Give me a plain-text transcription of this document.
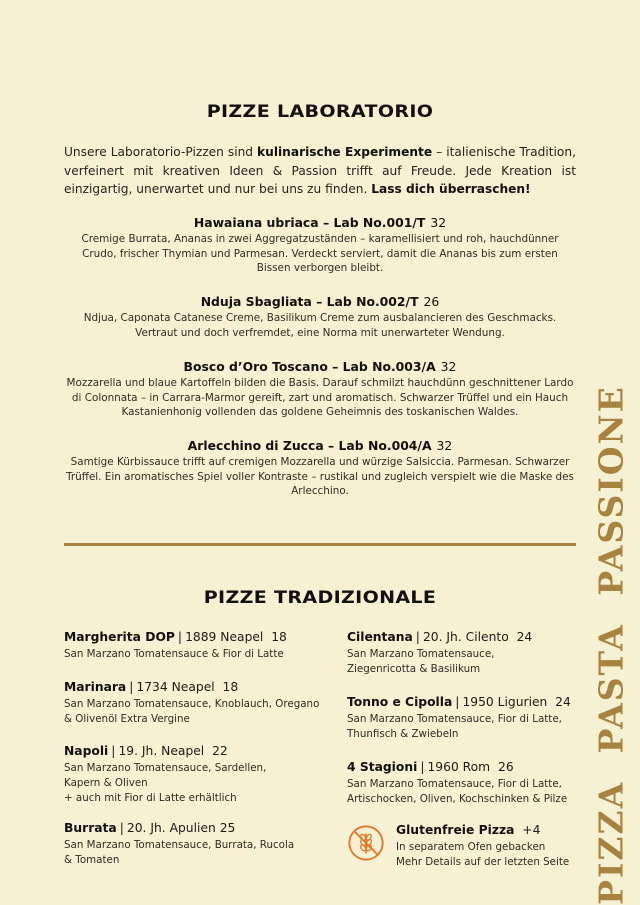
PIZZE LABORATORIO

Unsere Laboratorio-Pizzen sind kulinarische Experimente – italienische Tradition, verfeinert mit kreativen Ideen & Passion trifft auf Freude. Jede Kreation ist einzigartig, unerwartet und nur bei uns zu finden. Lass dich überraschen!

Hawaiana ubriaca – Lab No.001/T 32
Cremige Burrata, Ananas in zwei Aggregatzuständen – karamellisiert und roh, hauchdünner Crudo, frischer Thymian und Parmesan. Verdeckt serviert, damit die Ananas bis zum ersten Bissen verborgen bleibt.
Nduja Sbagliata – Lab No.002/T 26
Ndjua, Caponata Catanese Creme, Basilikum Creme zum ausbalancieren des Geschmacks. Vertraut und doch verfremdet, eine Norma mit unerwarteter Wendung.
Bosco d’Oro Toscano – Lab No.003/A 32
Mozzarella und blaue Kartoffeln bilden die Basis. Darauf schmilzt hauchdünn geschnittener Lardo di Colonnata – in Carrara-Marmor gereift, zart und aromatisch. Schwarzer Trüffel und ein Hauch Kastanienhonig vollenden das goldene Geheimnis des toskanischen Waldes.
Arlecchino di Zucca – Lab No.004/A 32
Samtige Kürbissauce trifft auf cremigen Mozzarella und würzige Salsiccia. Parmesan. Schwarzer Trüffel. Ein aromatisches Spiel voller Kontraste – rustikal und zugleich verspielt wie die Maske des Arlecchino.
PIZZE TRADIZIONALE
Margherita DOP | 1889 Neapel 18
San Marzano Tomatensauce & Fior di Latte
Marinara | 1734 Neapel 18
San Marzano Tomatensauce, Knoblauch, Oregano
& Olivenöl Extra Vergine
Napoli | 19. Jh. Neapel 22
San Marzano Tomatensauce, Sardellen,
Kapern & Oliven
+ auch mit Fior di Latte erhältlich
Burrata | 20. Jh. Apulien 25
San Marzano Tomatensauce, Burrata, Rucola
& Tomaten
Cilentana | 20. Jh. Cilento 24
San Marzano Tomatensauce,
Ziegenricotta & Basilikum
Tonno e Cipolla | 1950 Ligurien 24
San Marzano Tomatensauce, Fior di Latte,
Thunfisch & Zwiebeln
4 Stagioni | 1960 Rom 26
San Marzano Tomatensauce, Fior di Latte,
Artischocken, Oliven, Kochschinken & Pilze
Glutenfreie Pizza +4
In separatem Ofen gebacken
Mehr Details auf der letzten Seite PIZZA PASTA PASSIONE
